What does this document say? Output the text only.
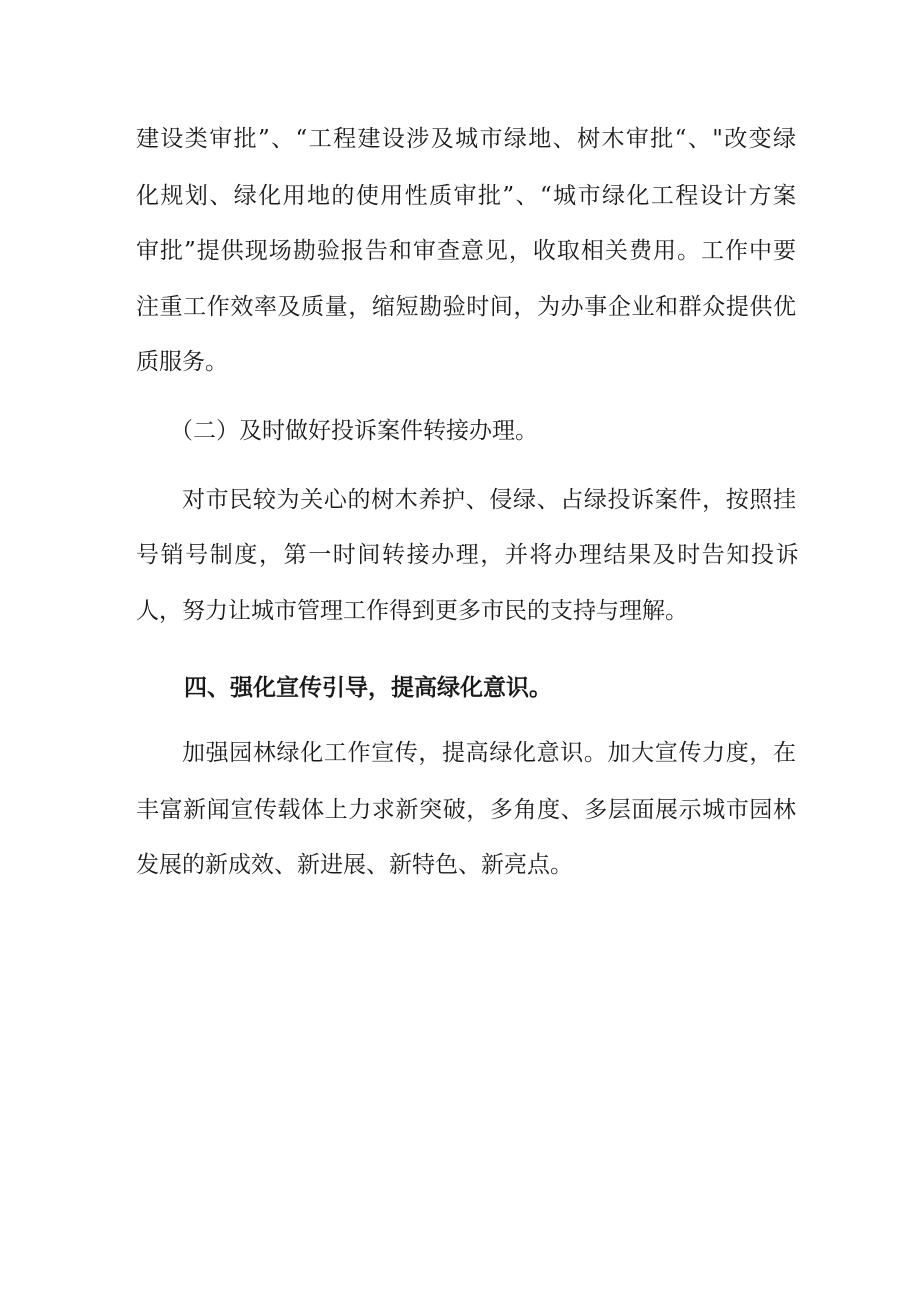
建设类审批”、“工程建设涉及城市绿地、树木审批“、"改变绿
化规划、绿化用地的使用性质审批”、“城市绿化工程设计方案
审批”提供现场勘验报告和审查意见，收取相关费用。工作中要
注重工作效率及质量，缩短勘验时间，为办事企业和群众提供优
质服务。
（二）及时做好投诉案件转接办理。
对市民较为关心的树木养护、侵绿、占绿投诉案件，按照挂
号销号制度，第一时间转接办理，并将办理结果及时告知投诉
人，努力让城市管理工作得到更多市民的支持与理解。
四、强化宣传引导，提高绿化意识。
加强园林绿化工作宣传，提高绿化意识。加大宣传力度，在
丰富新闻宣传载体上力求新突破，多角度、多层面展示城市园林
发展的新成效、新进展、新特色、新亮点。
